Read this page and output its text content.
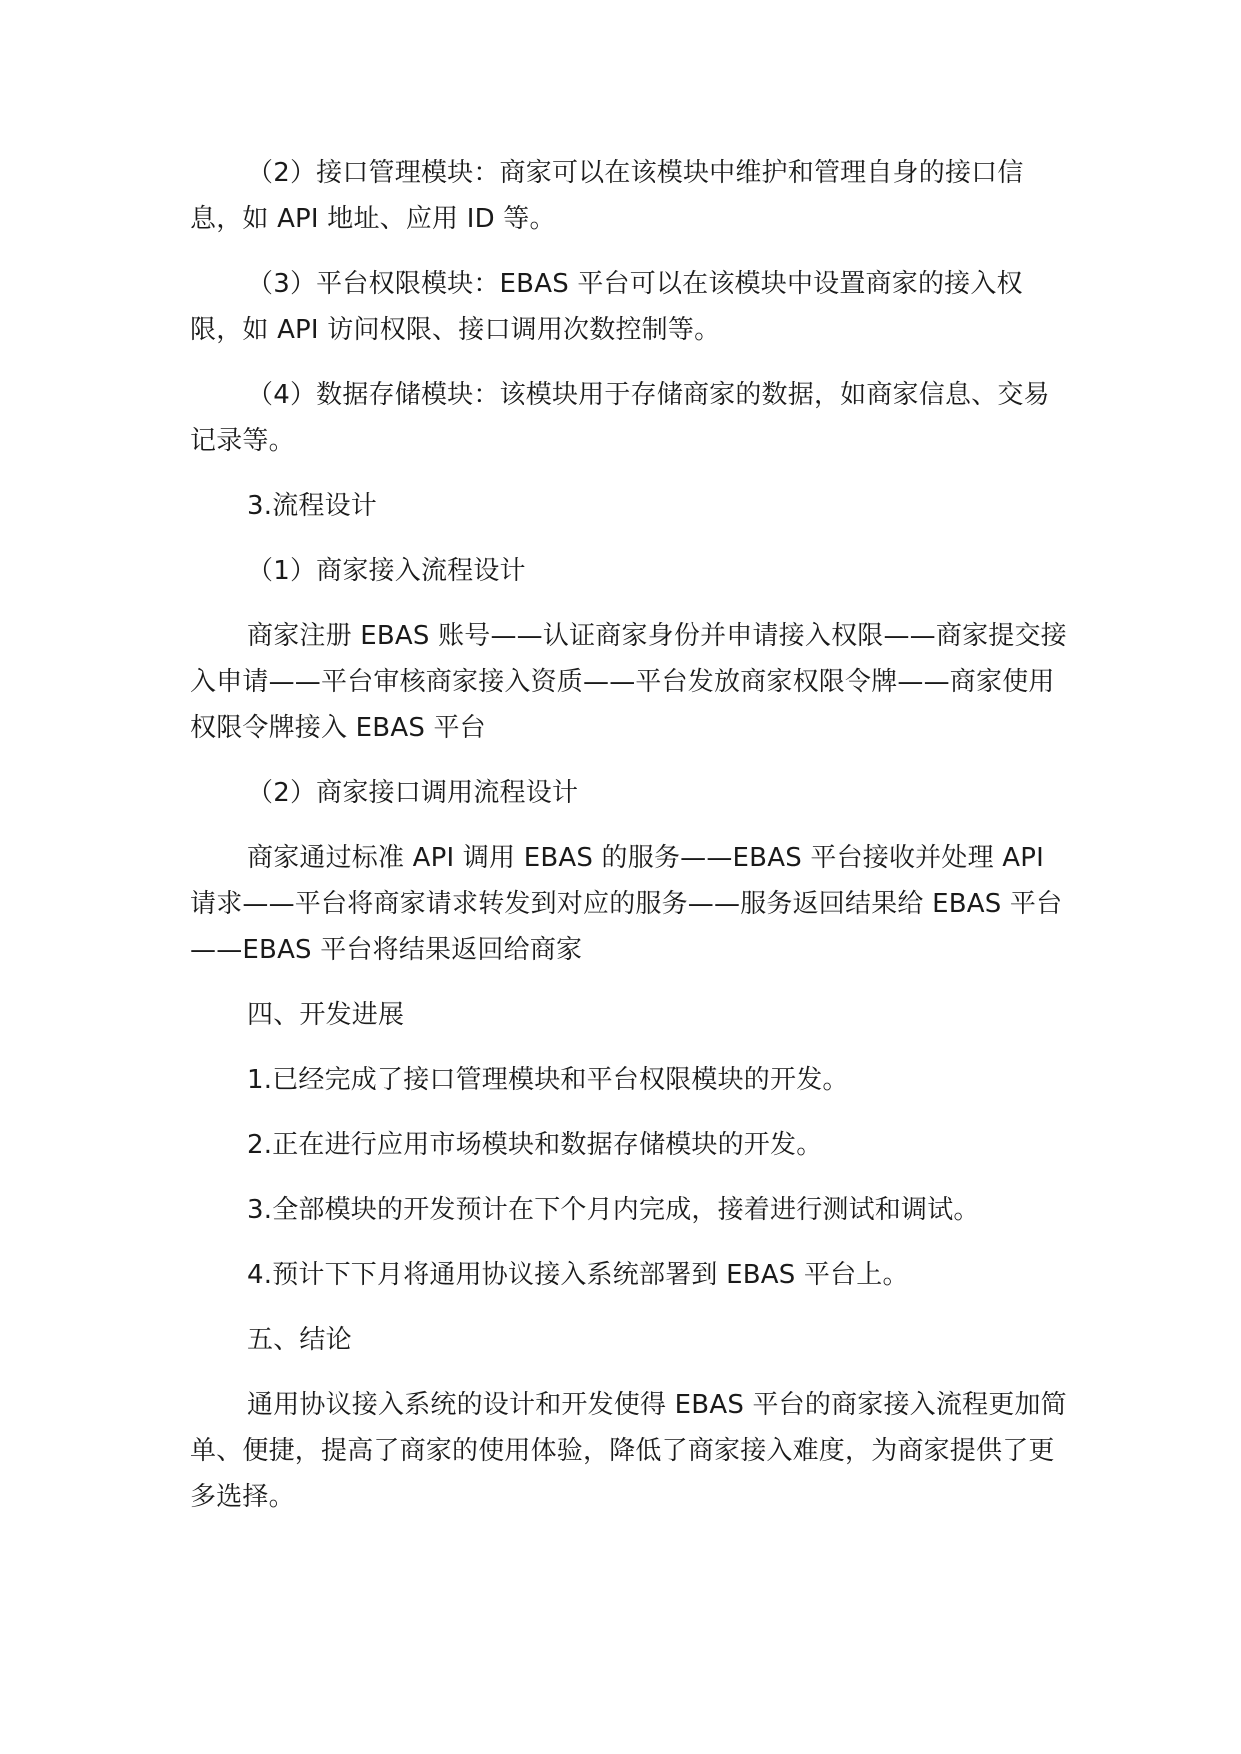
（2）接口管理模块：商家可以在该模块中维护和管理自身的接口信息，如 API 地址、应用 ID 等。

（3）平台权限模块：EBAS 平台可以在该模块中设置商家的接入权限，如 API 访问权限、接口调用次数控制等。

（4）数据存储模块：该模块用于存储商家的数据，如商家信息、交易记录等。

3.流程设计

（1）商家接入流程设计

商家注册 EBAS 账号——认证商家身份并申请接入权限——商家提交接入申请——平台审核商家接入资质——平台发放商家权限令牌——商家使用权限令牌接入 EBAS 平台

（2）商家接口调用流程设计

商家通过标准 API 调用 EBAS 的服务——EBAS 平台接收并处理 API 请求——平台将商家请求转发到对应的服务——服务返回结果给 EBAS 平台——EBAS 平台将结果返回给商家

四、开发进展

1.已经完成了接口管理模块和平台权限模块的开发。

2.正在进行应用市场模块和数据存储模块的开发。

3.全部模块的开发预计在下个月内完成，接着进行测试和调试。

4.预计下下月将通用协议接入系统部署到 EBAS 平台上。

五、结论

通用协议接入系统的设计和开发使得 EBAS 平台的商家接入流程更加简单、便捷，提高了商家的使用体验，降低了商家接入难度，为商家提供了更多选择。
